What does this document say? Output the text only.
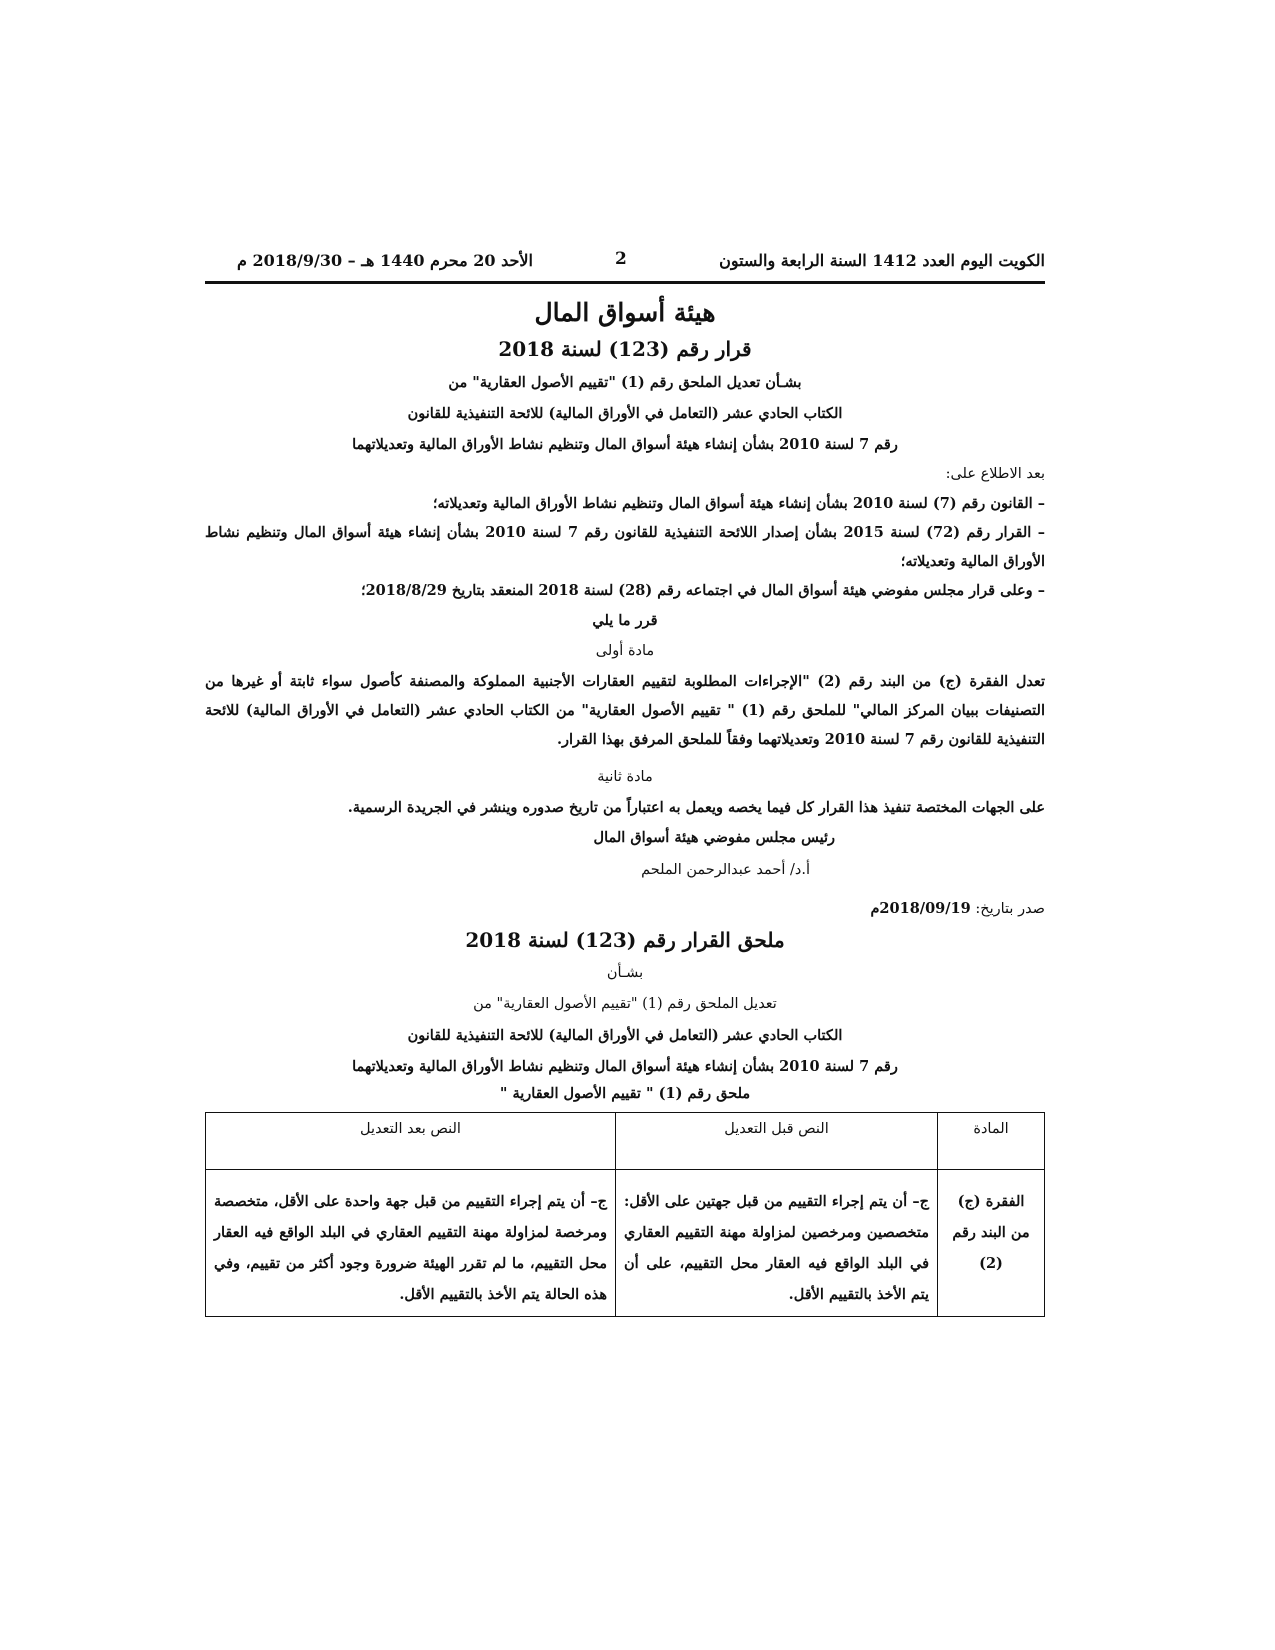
الكويت اليوم العدد 1412 السنة الرابعة والستون
2
الأحد 20 محرم 1440 هـ – 2018/9/30 م
هيئة أسواق المال
قرار رقم (123) لسنة 2018
بشـأن تعديل الملحق رقم (1) "تقييم الأصول العقارية" من
الكتاب الحادي عشر (التعامل في الأوراق المالية) للائحة التنفيذية للقانون
رقم 7 لسنة 2010 بشأن إنشاء هيئة أسواق المال وتنظيم نشاط الأوراق المالية وتعديلاتهما
بعد الاطلاع على:
– القانون رقم (7) لسنة 2010 بشأن إنشاء هيئة أسواق المال وتنظيم نشاط الأوراق المالية وتعديلاته؛
– القرار رقم (72) لسنة 2015 بشأن إصدار اللائحة التنفيذية للقانون رقم 7 لسنة 2010 بشأن إنشاء هيئة أسواق المال وتنظيم نشاط الأوراق المالية وتعديلاته؛
– وعلى قرار مجلس مفوضي هيئة أسواق المال في اجتماعه رقم (28) لسنة 2018 المنعقد بتاريخ 2018/8/29؛
قرر ما يلي
مادة أولى
تعدل الفقرة (ج) من البند رقم (2) "الإجراءات المطلوبة لتقييم العقارات الأجنبية المملوكة والمصنفة كأصول سواء ثابتة أو غيرها من التصنيفات ببيان المركز المالي" للملحق رقم (1) " تقييم الأصول العقارية" من الكتاب الحادي عشر (التعامل في الأوراق المالية) للائحة التنفيذية للقانون رقم 7 لسنة 2010 وتعديلاتهما وفقاً للملحق المرفق بهذا القرار.
مادة ثانية
على الجهات المختصة تنفيذ هذا القرار كل فيما يخصه ويعمل به اعتباراً من تاريخ صدوره وينشر في الجريدة الرسمية.
رئيس مجلس مفوضي هيئة أسواق المال
أ.د/ أحمد عبدالرحمن الملحم
صدر بتاريخ: 2018/09/19م
ملحق القرار رقم (123) لسنة 2018
بشـأن
تعديل الملحق رقم (1) "تقييم الأصول العقارية" من
الكتاب الحادي عشر (التعامل في الأوراق المالية) للائحة التنفيذية للقانون
رقم 7 لسنة 2010 بشأن إنشاء هيئة أسواق المال وتنظيم نشاط الأوراق المالية وتعديلاتهما
ملحق رقم (1) " تقييم الأصول العقارية "
المادة	النص قبل التعديل	النص بعد التعديل
الفقرة (ج) من البند رقم (2)	ج– أن يتم إجراء التقييم من قبل جهتين على الأقل: متخصصين ومرخصين لمزاولة مهنة التقييم العقاري في البلد الواقع فيه العقار محل التقييم، على أن يتم الأخذ بالتقييم الأقل.	ج– أن يتم إجراء التقييم من قبل جهة واحدة على الأقل، متخصصة ومرخصة لمزاولة مهنة التقييم العقاري في البلد الواقع فيه العقار محل التقييم، ما لم تقرر الهيئة ضرورة وجود أكثر من تقييم، وفي هذه الحالة يتم الأخذ بالتقييم الأقل.
